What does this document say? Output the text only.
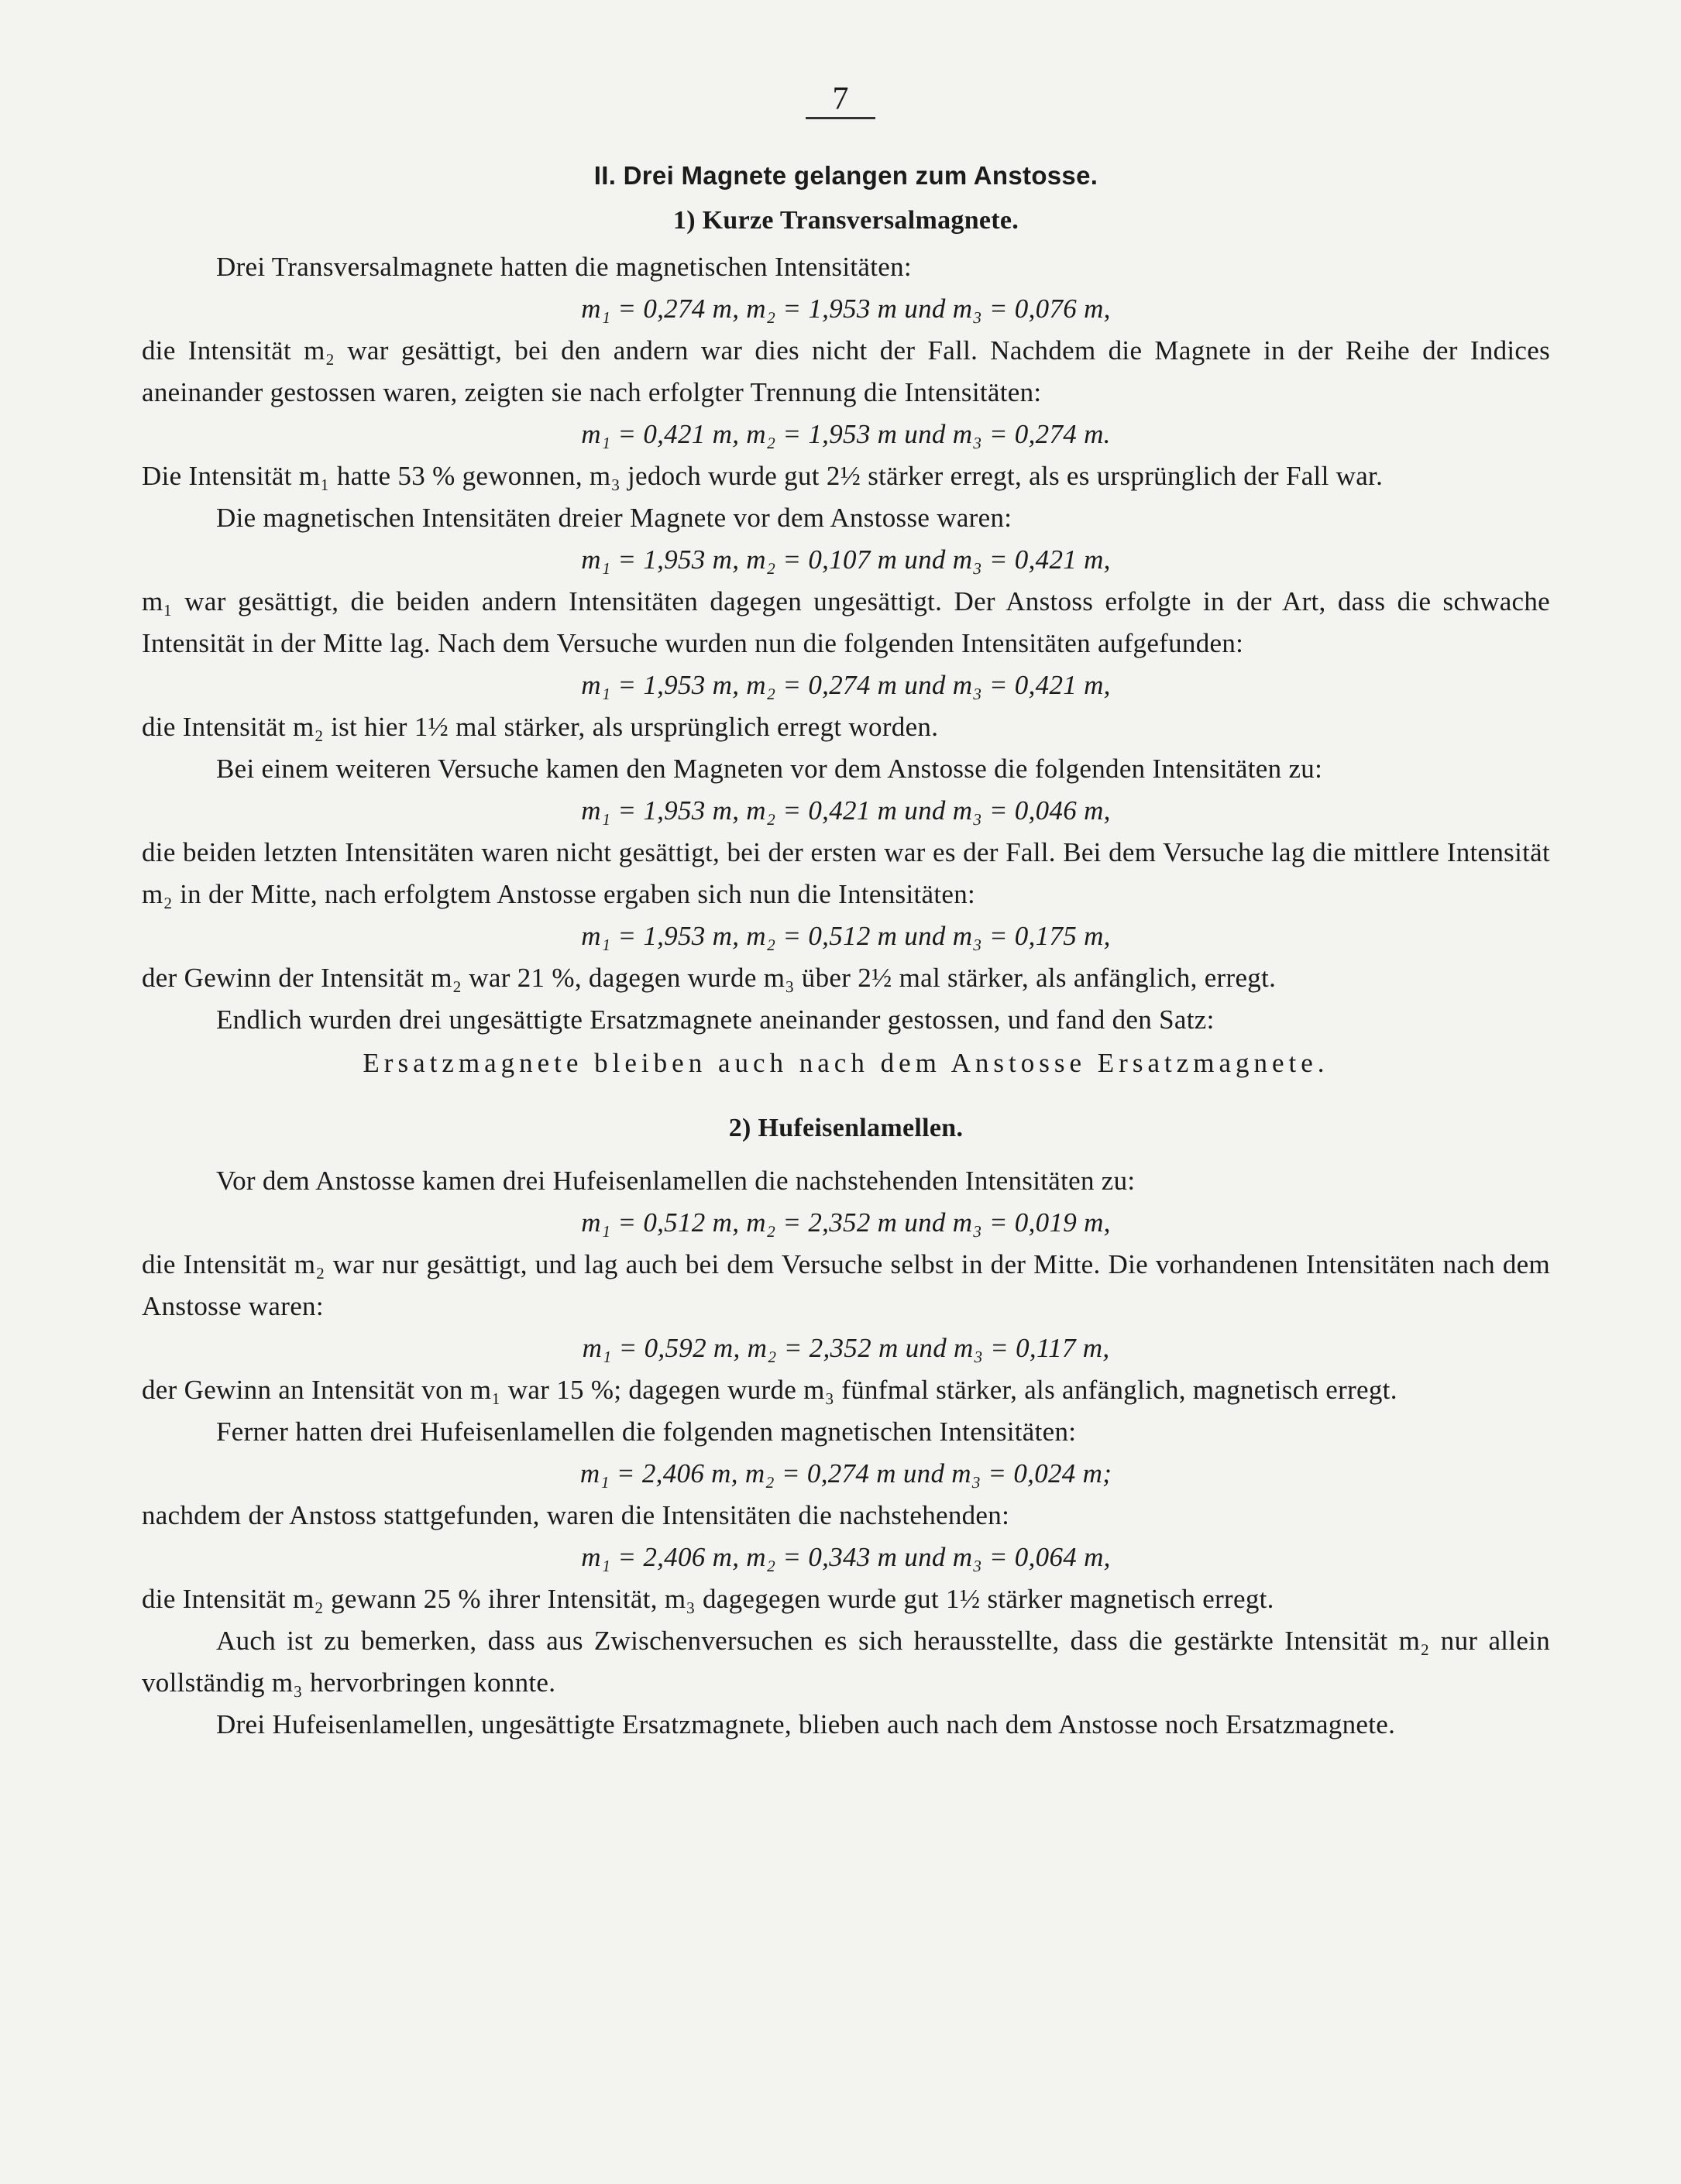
7
II. Drei Magnete gelangen zum Anstosse.
1) Kurze Transversalmagnete.

Drei Transversalmagnete hatten die magnetischen Intensitäten:

m₁ = 0,274 m, m₂ = 1,953 m und m₃ = 0,076 m,

die Intensität m₂ war gesättigt, bei den andern war dies nicht der Fall. Nachdem die Magnete in der Reihe der Indices aneinander gestossen waren, zeigten sie nach erfolgter Trennung die Intensitäten:

m₁ = 0,421 m, m₂ = 1,953 m und m₃ = 0,274 m.

Die Intensität m₁ hatte 53 % gewonnen, m₃ jedoch wurde gut 2½ stärker erregt, als es ursprünglich der Fall war.

Die magnetischen Intensitäten dreier Magnete vor dem Anstosse waren:

m₁ = 1,953 m, m₂ = 0,107 m und m₃ = 0,421 m,

m₁ war gesättigt, die beiden andern Intensitäten dagegen ungesättigt. Der Anstoss erfolgte in der Art, dass die schwache Intensität in der Mitte lag. Nach dem Versuche wurden nun die folgenden Intensitäten aufgefunden:

m₁ = 1,953 m, m₂ = 0,274 m und m₃ = 0,421 m,

die Intensität m₂ ist hier 1½ mal stärker, als ursprünglich erregt worden.

Bei einem weiteren Versuche kamen den Magneten vor dem Anstosse die folgenden Intensitäten zu:

m₁ = 1,953 m, m₂ = 0,421 m und m₃ = 0,046 m,

die beiden letzten Intensitäten waren nicht gesättigt, bei der ersten war es der Fall. Bei dem Versuche lag die mittlere Intensität m₂ in der Mitte, nach erfolgtem Anstosse ergaben sich nun die Intensitäten:

m₁ = 1,953 m, m₂ = 0,512 m und m₃ = 0,175 m,

der Gewinn der Intensität m₂ war 21 %, dagegen wurde m₃ über 2½ mal stärker, als anfänglich, erregt.

Endlich wurden drei ungesättigte Ersatzmagnete aneinander gestossen, und fand den Satz:

Ersatzmagnete bleiben auch nach dem Anstosse Ersatzmagnete.

2) Hufeisenlamellen.

Vor dem Anstosse kamen drei Hufeisenlamellen die nachstehenden Intensitäten zu:

m₁ = 0,512 m, m₂ = 2,352 m und m₃ = 0,019 m,

die Intensität m₂ war nur gesättigt, und lag auch bei dem Versuche selbst in der Mitte. Die vorhandenen Intensitäten nach dem Anstosse waren:

m₁ = 0,592 m, m₂ = 2,352 m und m₃ = 0,117 m,

der Gewinn an Intensität von m₁ war 15 %; dagegen wurde m₃ fünfmal stärker, als anfänglich, magnetisch erregt.

Ferner hatten drei Hufeisenlamellen die folgenden magnetischen Intensitäten:

m₁ = 2,406 m, m₂ = 0,274 m und m₃ = 0,024 m;

nachdem der Anstoss stattgefunden, waren die Intensitäten die nachstehenden:

m₁ = 2,406 m, m₂ = 0,343 m und m₃ = 0,064 m,

die Intensität m₂ gewann 25 % ihrer Intensität, m₃ dagegegen wurde gut 1½ stärker magnetisch erregt.

Auch ist zu bemerken, dass aus Zwischenversuchen es sich herausstellte, dass die gestärkte Intensität m₂ nur allein vollständig m₃ hervorbringen konnte.

Drei Hufeisenlamellen, ungesättigte Ersatzmagnete, blieben auch nach dem Anstosse noch Ersatzmagnete.
